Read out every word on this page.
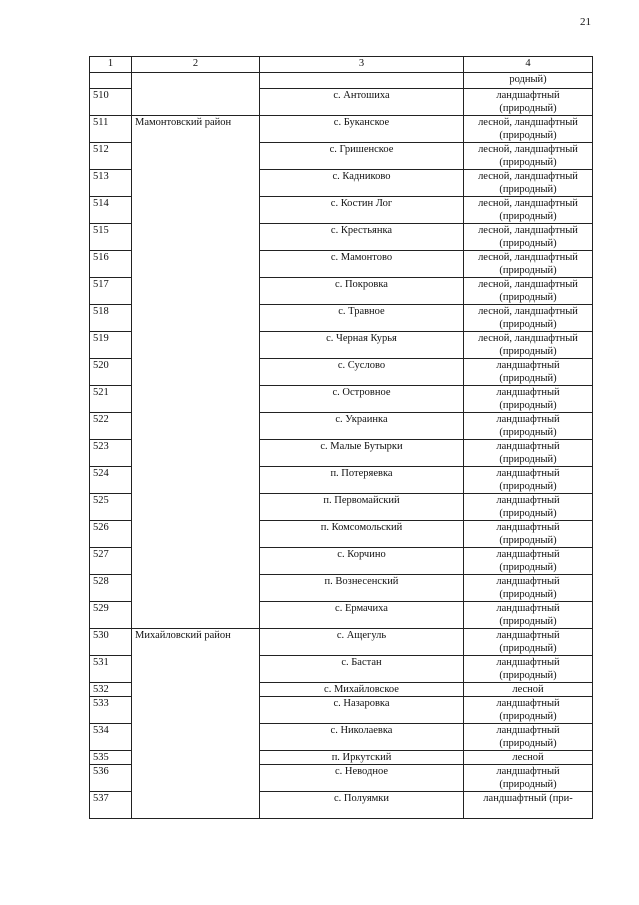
21
1	2	3	4
			родный)
510		с. Антошиха	ландшафтный (природный)
511	Мамонтовский район	с. Буканское	лесной, ландшафтный (природный)
512		с. Гришенское	лесной, ландшафтный (природный)
513		с. Кадниково	лесной, ландшафтный (природный)
514		с. Костин Лог	лесной, ландшафтный (природный)
515		с. Крестьянка	лесной, ландшафтный (природный)
516		с. Мамонтово	лесной, ландшафтный (природный)
517		с. Покровка	лесной, ландшафтный (природный)
518		с. Травное	лесной, ландшафтный (природный)
519		с. Черная Курья	лесной, ландшафтный (природный)
520		с. Суслово	ландшафтный (природный)
521		с. Островное	ландшафтный (природный)
522		с. Украинка	ландшафтный (природный)
523		с. Малые Бутырки	ландшафтный (природный)
524		п. Потеряевка	ландшафтный (природный)
525		п. Первомайский	ландшафтный (природный)
526		п. Комсомольский	ландшафтный (природный)
527		с. Корчино	ландшафтный (природный)
528		п. Вознесенский	ландшафтный (природный)
529		с. Ермачиха	ландшафтный (природный)
530	Михайловский район	с. Ащегуль	ландшафтный (природный)
531		с. Бастан	ландшафтный (природный)
532		с. Михайловское	лесной
533		с. Назаровка	ландшафтный (природный)
534		с. Николаевка	ландшафтный (природный)
535		п. Иркутский	лесной
536		с. Неводное	ландшафтный (природный)
537		с. Полуямки	ландшафтный (при-
